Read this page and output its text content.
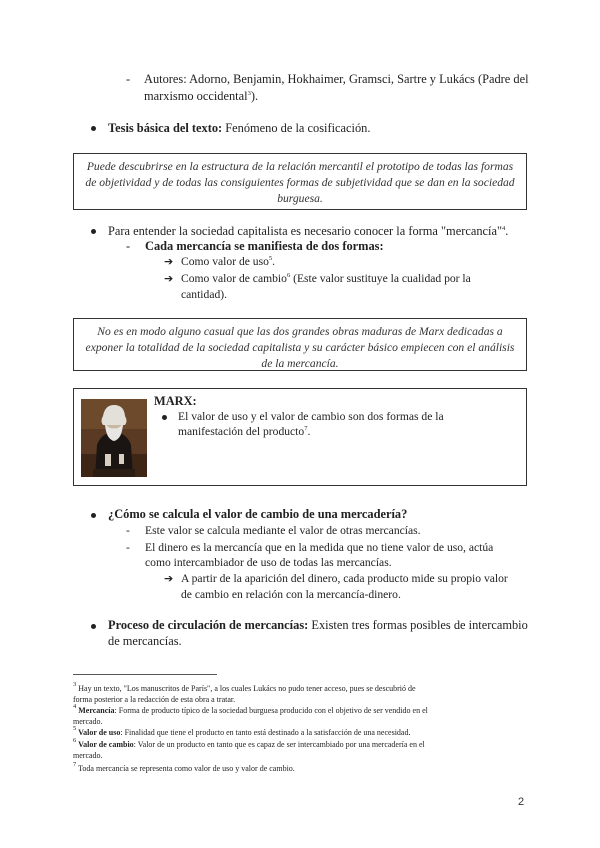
- Autores: Adorno, Benjamin, Hokhaimer, Gramsci, Sartre y Lukács (Padre del marxismo occidental$^3$).
Tesis básica del texto: Fenómeno de la cosificación.
Puede descubrirse en la estructura de la relación mercantil el prototipo de todas las formas de objetividad y de todas las consiguientes formas de subjetividad que se dan en la sociedad burguesa.
Para entender la sociedad capitalista es necesario conocer la forma "mercancía"$^4$.
- Cada mercancía se manifiesta de dos formas:
➔ Como valor de uso$^5$.
➔ Como valor de cambio$^6$ (Este valor sustituye la cualidad por la
cantidad).
No es en modo alguno casual que las dos grandes obras maduras de Marx dedicadas a exponer la totalidad de la sociedad capitalista y su carácter básico empiecen con el análisis de la mercancía.
MARX:
El valor de uso y el valor de cambio son dos formas de la
manifestación del producto$^7$.
¿Cómo se calcula el valor de cambio de una mercadería?
- Este valor se calcula mediante el valor de otras mercancías.
- El dinero es la mercancía que en la medida que no tiene valor de uso, actúa
como intercambiador de uso de todas las mercancías.
➔ A partir de la aparición del dinero, cada producto mide su propio valor
de cambio en relación con la mercancía-dinero.
Proceso de circulación de mercancías: Existen tres formas posibles de intercambio
de mercancías.
$^3$ Hay un texto, "Los manuscritos de París", a los cuales Lukács no pudo tener acceso, pues se descubrió de
forma posterior a la redacción de esta obra a tratar.
$^4$ Mercancía: Forma de producto típico de la sociedad burguesa producido con el objetivo de ser vendido en el
mercado.
$^5$ Valor de uso: Finalidad que tiene el producto en tanto está destinado a la satisfacción de una necesidad.
$^6$ Valor de cambio: Valor de un producto en tanto que es capaz de ser intercambiado por una mercadería en el
mercado.
$^7$ Toda mercancía se representa como valor de uso y valor de cambio.
2
